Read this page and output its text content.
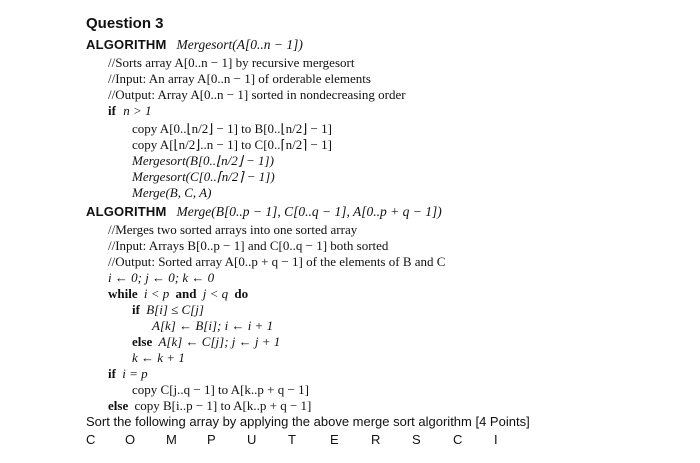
Question 3
ALGORITHM Mergesort(A[0..n − 1])
//Sorts array A[0..n − 1] by recursive mergesort
//Input: An array A[0..n − 1] of orderable elements
//Output: Array A[0..n − 1] sorted in nondecreasing order
if n > 1
copy A[0..⌊n/2⌋ − 1] to B[0..⌊n/2⌋ − 1]
copy A[⌊n/2⌋..n − 1] to C[0..⌈n/2⌉ − 1]
Mergesort(B[0..⌊n/2⌋ − 1])
Mergesort(C[0..⌈n/2⌉ − 1])
Merge(B, C, A)
ALGORITHM Merge(B[0..p − 1], C[0..q − 1], A[0..p + q − 1])
//Merges two sorted arrays into one sorted array
//Input: Arrays B[0..p − 1] and C[0..q − 1] both sorted
//Output: Sorted array A[0..p + q − 1] of the elements of B and C
i ← 0; j ← 0; k ← 0
while i < p and j < q do
if B[i] ≤ C[j]
A[k] ← B[i]; i ← i + 1
else A[k] ← C[j]; j ← j + 1
k ← k + 1
if i = p
copy C[j..q − 1] to A[k..p + q − 1]
else copy B[i..p − 1] to A[k..p + q − 1]
Sort the following array by applying the above merge sort algorithm [4 Points]
C O M P U T	E R S C I
